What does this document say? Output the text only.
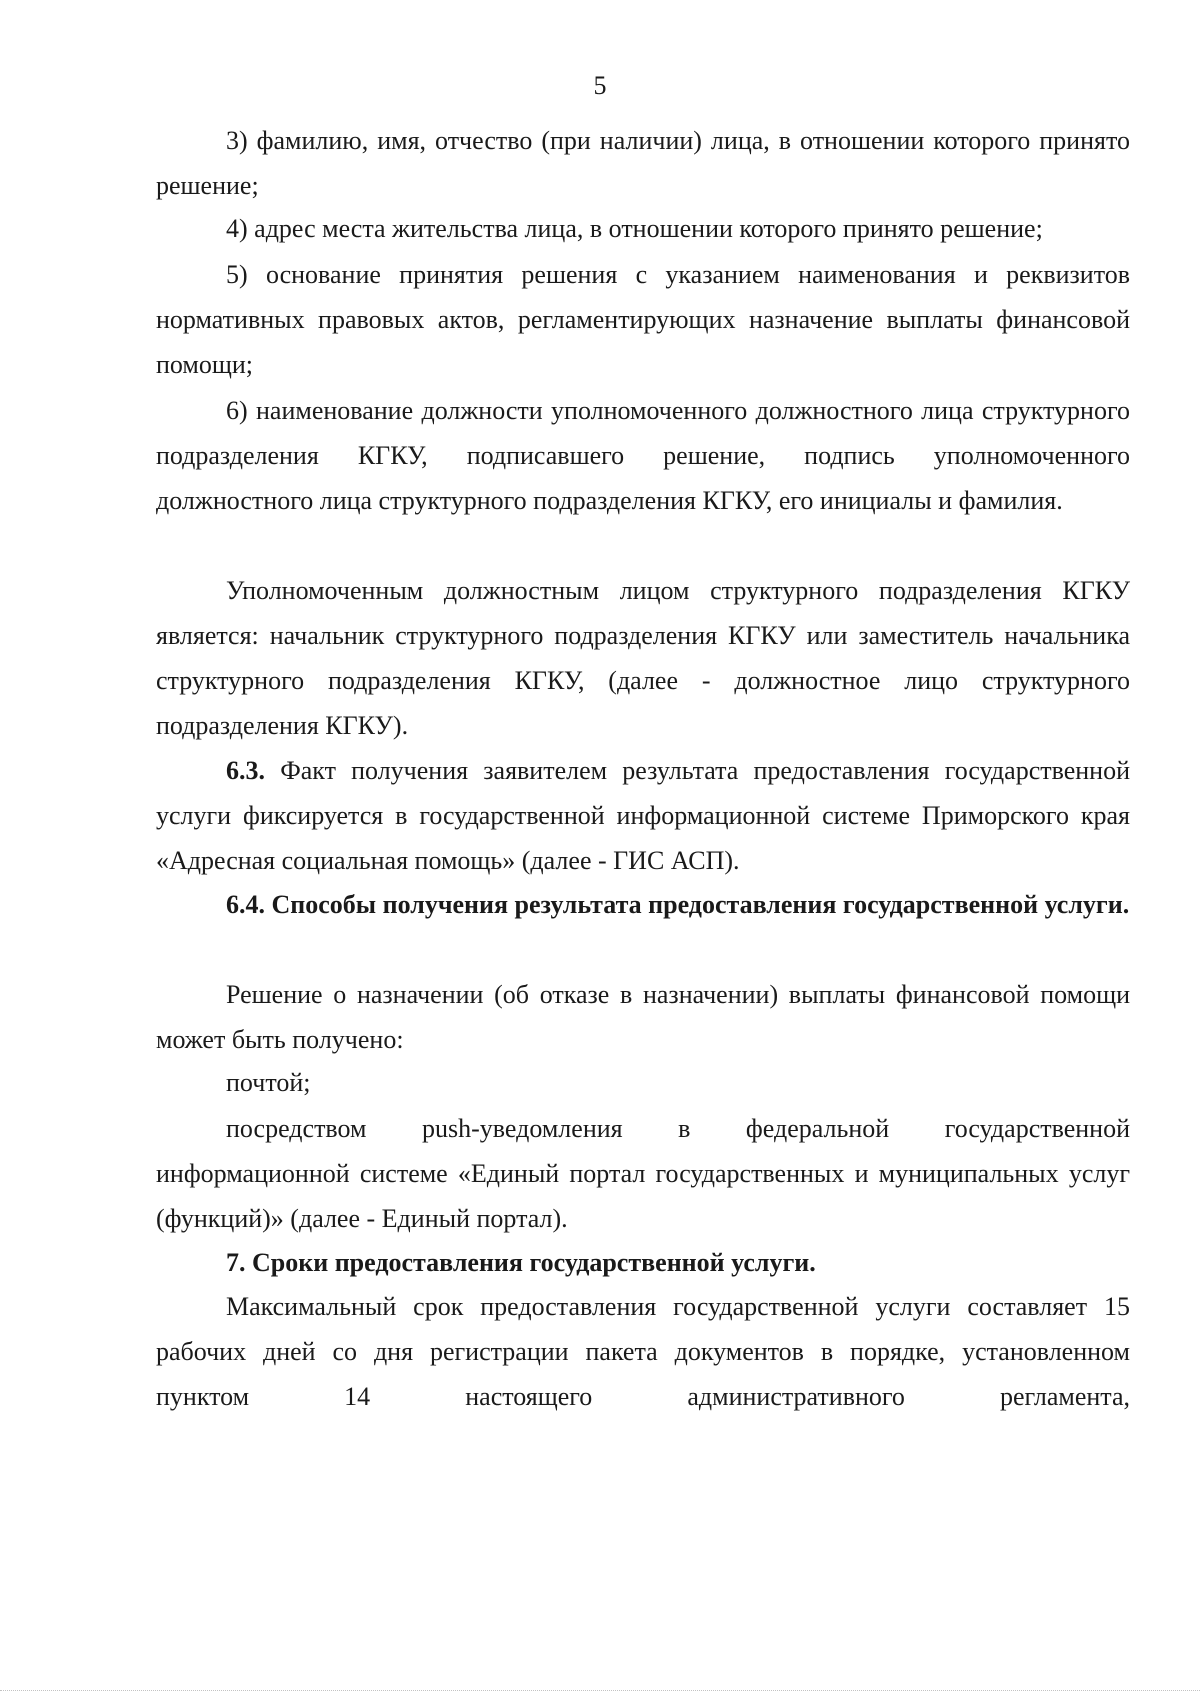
5

3) фамилию, имя, отчество (при наличии) лица, в отношении которого принято решение;

4) адрес места жительства лица, в отношении которого принято решение;

5) основание принятия решения с указанием наименования и реквизитов нормативных правовых актов, регламентирующих назначение выплаты финансовой помощи;

6) наименование должности уполномоченного должностного лица структурного подразделения КГКУ, подписавшего решение, подпись уполномоченного должностного лица структурного подразделения КГКУ, его инициалы и фамилия.

Уполномоченным должностным лицом структурного подразделения КГКУ является: начальник структурного подразделения КГКУ или заместитель начальника структурного подразделения КГКУ, (далее - должностное лицо структурного подразделения КГКУ).

6.3. Факт получения заявителем результата предоставления государственной услуги фиксируется в государственной информационной системе Приморского края «Адресная социальная помощь» (далее - ГИС АСП).

6.4. Способы получения результата предоставления государственной услуги.

Решение о назначении (об отказе в назначении) выплаты финансовой помощи может быть получено:

почтой;

посредством push-уведомления в федеральной государственной информационной системе «Единый портал государственных и муниципальных услуг (функций)» (далее - Единый портал).

7. Сроки предоставления государственной услуги.

Максимальный срок предоставления государственной услуги составляет 15 рабочих дней со дня регистрации пакета документов в порядке, установленном пунктом 14 настоящего административного регламента,
